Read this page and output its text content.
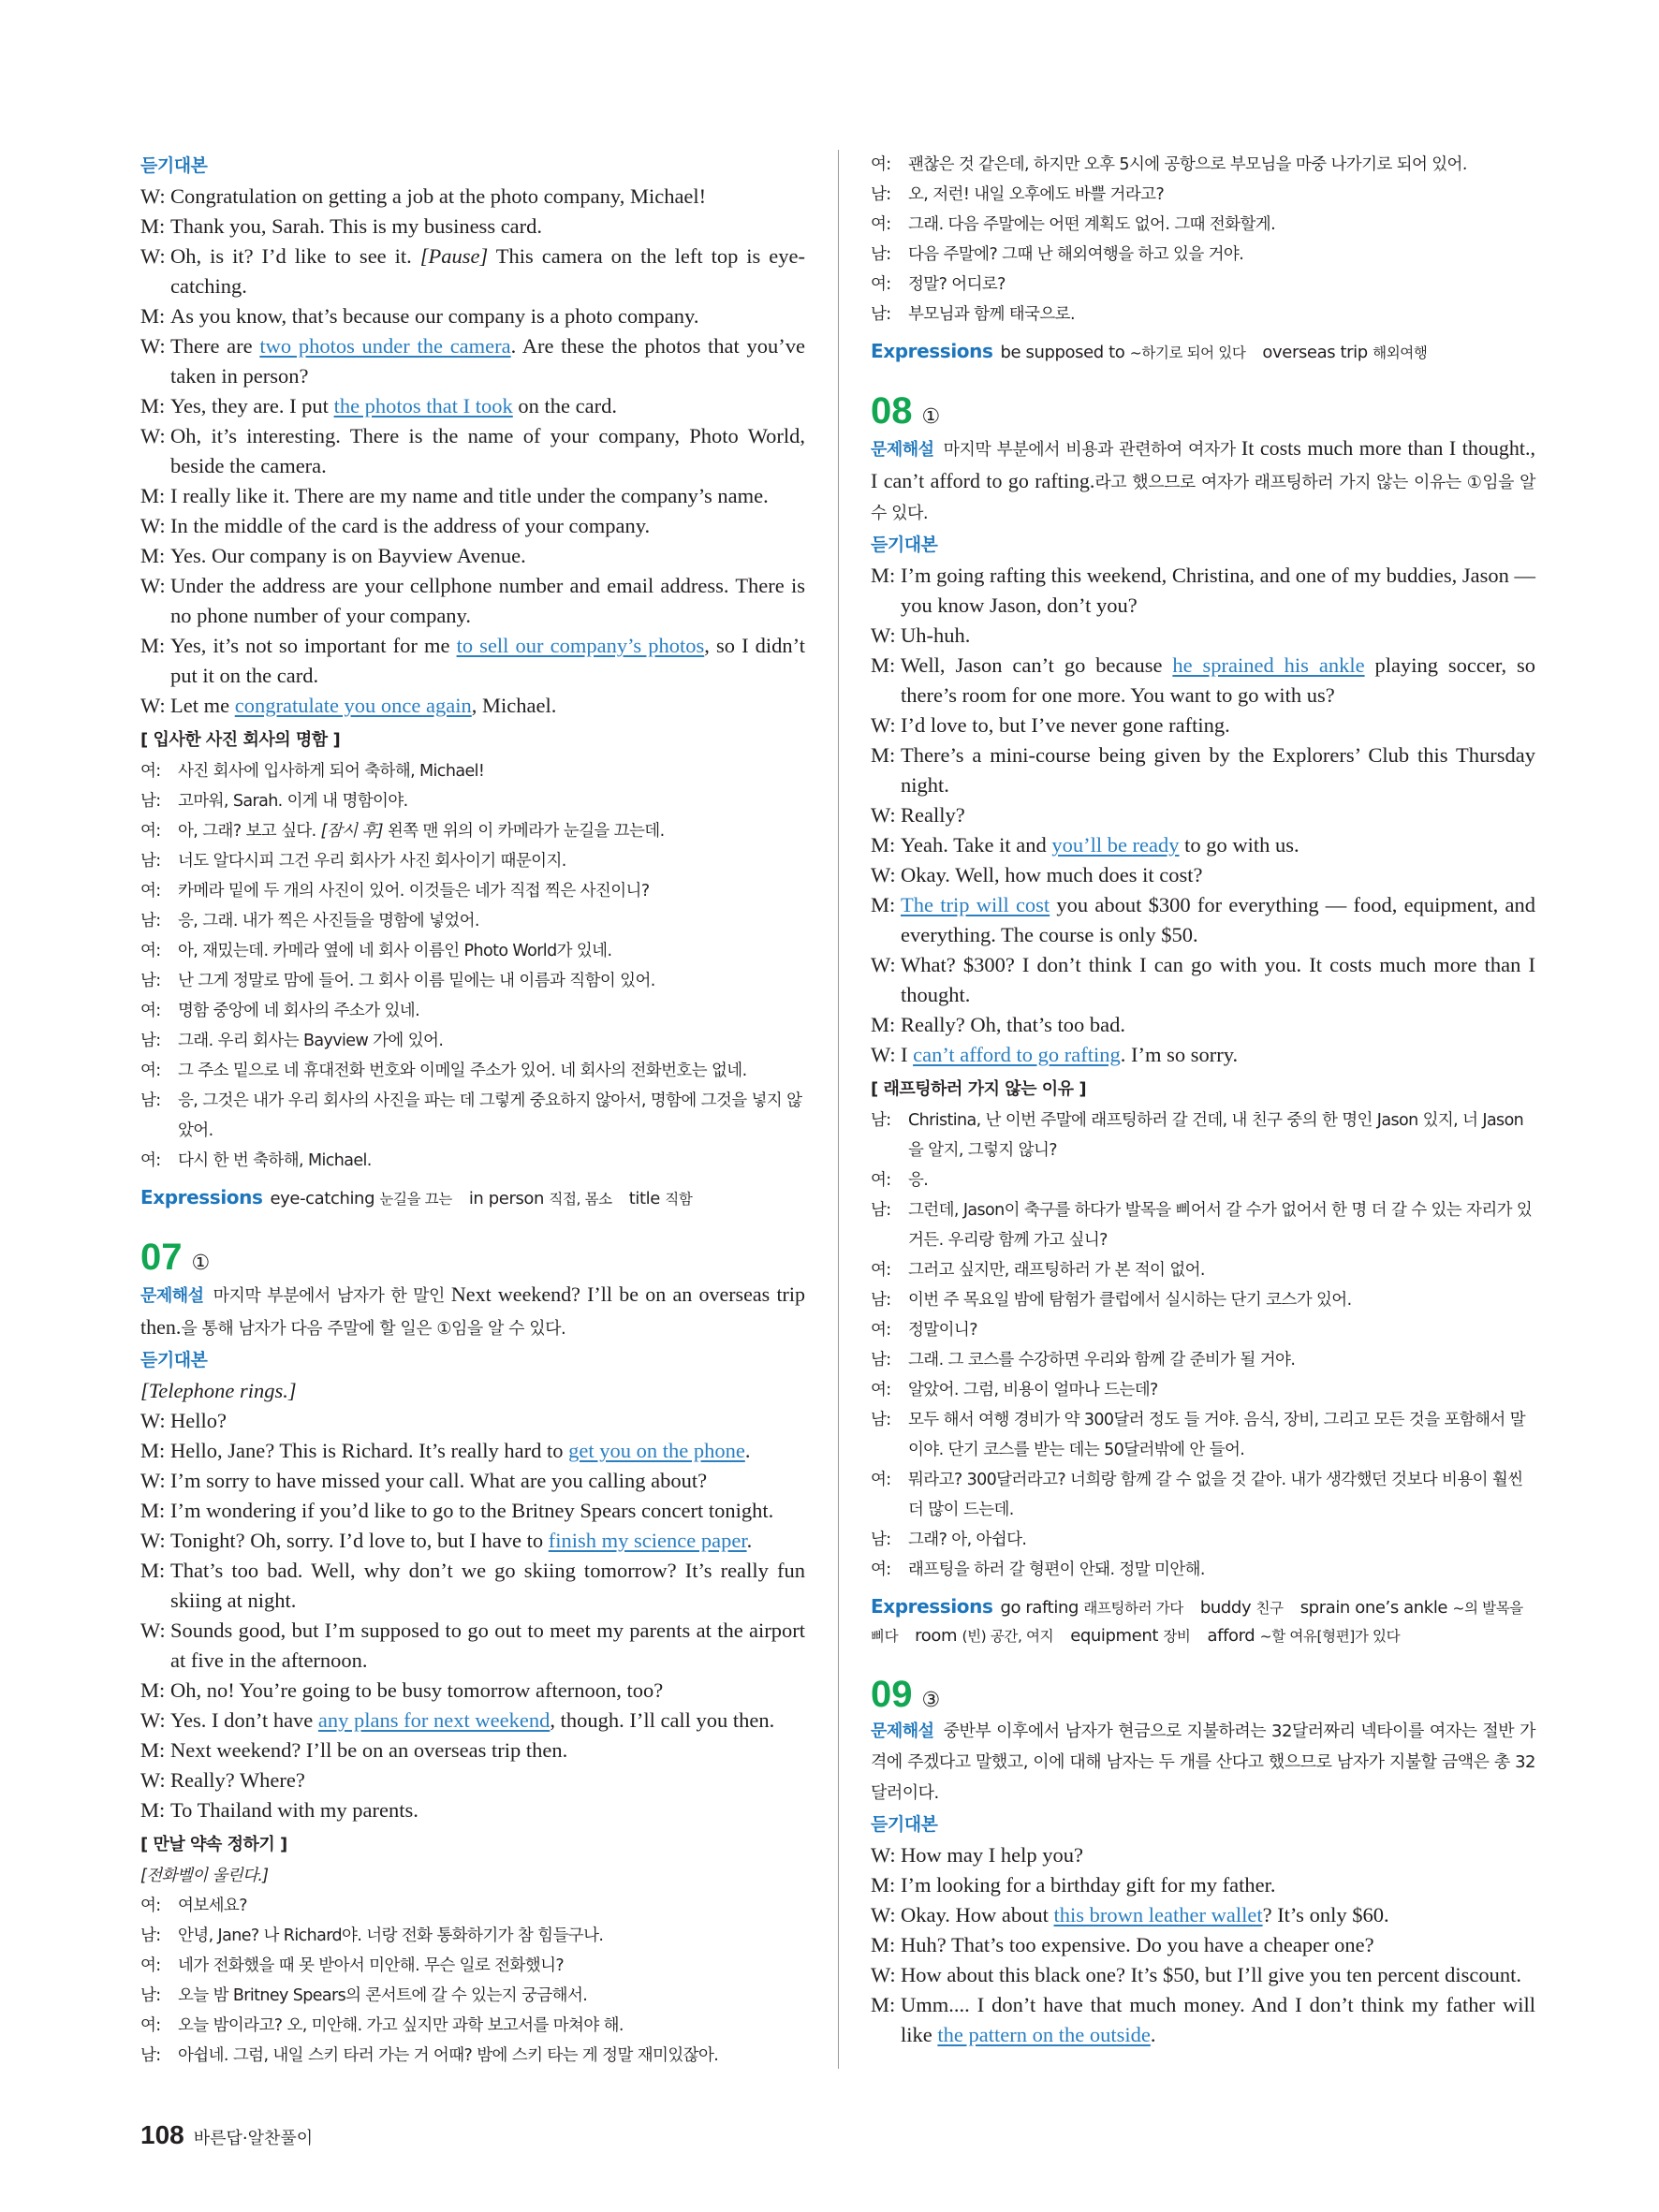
듣기대본
W: Congratulation on getting a job at the photo company, Michael!
M: Thank you, Sarah. This is my business card.
W: Oh, is it? I’d like to see it. [Pause] This camera on the left top is eye-catching.
M: As you know, that’s because our company is a photo company.
W: There are two photos under the camera. Are these the photos that you’ve taken in person?
M: Yes, they are. I put the photos that I took on the card.
W: Oh, it’s interesting. There is the name of your company, Photo World, beside the camera.
M: I really like it. There are my name and title under the company’s name.
W: In the middle of the card is the address of your company.
M: Yes. Our company is on Bayview Avenue.
W: Under the address are your cellphone number and email address. There is no phone number of your company.
M: Yes, it’s not so important for me to sell our company’s photos, so I didn’t put it on the card.
W: Let me congratulate you once again, Michael.
[ 입사한 사진 회사의 명함 ]
여: 사진 회사에 입사하게 되어 축하해, Michael!
남: 고마워, Sarah. 이게 내 명함이야.
여: 아, 그래? 보고 싶다. [잠시 후] 왼쪽 맨 위의 이 카메라가 눈길을 끄는데.
남: 너도 알다시피 그건 우리 회사가 사진 회사이기 때문이지.
여: 카메라 밑에 두 개의 사진이 있어. 이것들은 네가 직접 찍은 사진이니?
남: 응, 그래. 내가 찍은 사진들을 명함에 넣었어.
여: 아, 재밌는데. 카메라 옆에 네 회사 이름인 Photo World가 있네.
남: 난 그게 정말로 맘에 들어. 그 회사 이름 밑에는 내 이름과 직함이 있어.
여: 명함 중앙에 네 회사의 주소가 있네.
남: 그래. 우리 회사는 Bayview 가에 있어.
여: 그 주소 밑으로 네 휴대전화 번호와 이메일 주소가 있어. 네 회사의 전화번호는 없네.
남: 응, 그것은 내가 우리 회사의 사진을 파는 데 그렇게 중요하지 않아서, 명함에 그것을 넣지 않았어.
여: 다시 한 번 축하해, Michael.
Expressions eye-catching 눈길을 끄는 in person 직접, 몸소 title 직함
07 ①
문제해설 마지막 부분에서 남자가 한 말인 Next weekend? I’ll be on an overseas trip then.을 통해 남자가 다음 주말에 할 일은 ①임을 알 수 있다.
듣기대본
[Telephone rings.]
W: Hello?
M: Hello, Jane? This is Richard. It’s really hard to get you on the phone.
W: I’m sorry to have missed your call. What are you calling about?
M: I’m wondering if you’d like to go to the Britney Spears concert tonight.
W: Tonight? Oh, sorry. I’d love to, but I have to finish my science paper.
M: That’s too bad. Well, why don’t we go skiing tomorrow? It’s really fun skiing at night.
W: Sounds good, but I’m supposed to go out to meet my parents at the airport at five in the afternoon.
M: Oh, no! You’re going to be busy tomorrow afternoon, too?
W: Yes. I don’t have any plans for next weekend, though. I’ll call you then.
M: Next weekend? I’ll be on an overseas trip then.
W: Really? Where?
M: To Thailand with my parents.
[ 만날 약속 정하기 ]
[전화벨이 울린다.]
여: 여보세요?
남: 안녕, Jane? 나 Richard야. 너랑 전화 통화하기가 참 힘들구나.
여: 네가 전화했을 때 못 받아서 미안해. 무슨 일로 전화했니?
남: 오늘 밤 Britney Spears의 콘서트에 갈 수 있는지 궁금해서.
여: 오늘 밤이라고? 오, 미안해. 가고 싶지만 과학 보고서를 마쳐야 해.
남: 아쉽네. 그럼, 내일 스키 타러 가는 거 어때? 밤에 스키 타는 게 정말 재미있잖아.
여: 괜찮은 것 같은데, 하지만 오후 5시에 공항으로 부모님을 마중 나가기로 되어 있어.
남: 오, 저런! 내일 오후에도 바쁠 거라고?
여: 그래. 다음 주말에는 어떤 계획도 없어. 그때 전화할게.
남: 다음 주말에? 그때 난 해외여행을 하고 있을 거야.
여: 정말? 어디로?
남: 부모님과 함께 태국으로.
Expressions be supposed to ~하기로 되어 있다 overseas trip 해외여행
08 ①
문제해설 마지막 부분에서 비용과 관련하여 여자가 It costs much more than I thought., I can’t afford to go rafting.라고 했으므로 여자가 래프팅하러 가지 않는 이유는 ①임을 알 수 있다.
듣기대본
M: I’m going rafting this weekend, Christina, and one of my buddies, Jason — you know Jason, don’t you?
W: Uh-huh.
M: Well, Jason can’t go because he sprained his ankle playing soccer, so there’s room for one more. You want to go with us?
W: I’d love to, but I’ve never gone rafting.
M: There’s a mini-course being given by the Explorers’ Club this Thursday night.
W: Really?
M: Yeah. Take it and you’ll be ready to go with us.
W: Okay. Well, how much does it cost?
M: The trip will cost you about $300 for everything — food, equipment, and everything. The course is only $50.
W: What? $300? I don’t think I can go with you. It costs much more than I thought.
M: Really? Oh, that’s too bad.
W: I can’t afford to go rafting. I’m so sorry.
[ 래프팅하러 가지 않는 이유 ]
남: Christina, 난 이번 주말에 래프팅하러 갈 건데, 내 친구 중의 한 명인 Jason 있지, 너 Jason을 알지, 그렇지 않니?
여: 응.
남: 그런데, Jason이 축구를 하다가 발목을 삐어서 갈 수가 없어서 한 명 더 갈 수 있는 자리가 있거든. 우리랑 함께 가고 싶니?
여: 그러고 싶지만, 래프팅하러 가 본 적이 없어.
남: 이번 주 목요일 밤에 탐험가 클럽에서 실시하는 단기 코스가 있어.
여: 정말이니?
남: 그래. 그 코스를 수강하면 우리와 함께 갈 준비가 될 거야.
여: 알았어. 그럼, 비용이 얼마나 드는데?
남: 모두 해서 여행 경비가 약 300달러 정도 들 거야. 음식, 장비, 그리고 모든 것을 포함해서 말이야. 단기 코스를 받는 데는 50달러밖에 안 들어.
여: 뭐라고? 300달러라고? 너희랑 함께 갈 수 없을 것 같아. 내가 생각했던 것보다 비용이 훨씬 더 많이 드는데.
남: 그래? 아, 아쉽다.
여: 래프팅을 하러 갈 형편이 안돼. 정말 미안해.
Expressions go rafting 래프팅하러 가다 buddy 친구 sprain one’s ankle ~의 발목을 삐다 room (빈) 공간, 여지 equipment 장비 afford ~할 여유[형편]가 있다
09 ③
문제해설 중반부 이후에서 남자가 현금으로 지불하려는 32달러짜리 넥타이를 여자는 절반 가격에 주겠다고 말했고, 이에 대해 남자는 두 개를 산다고 했으므로 남자가 지불할 금액은 총 32달러이다.
듣기대본
W: How may I help you?
M: I’m looking for a birthday gift for my father.
W: Okay. How about this brown leather wallet? It’s only $60.
M: Huh? That’s too expensive. Do you have a cheaper one?
W: How about this black one? It’s $50, but I’ll give you ten percent discount.
M: Umm.... I don’t have that much money. And I don’t think my father will like the pattern on the outside.
108 바른답·알찬풀이
